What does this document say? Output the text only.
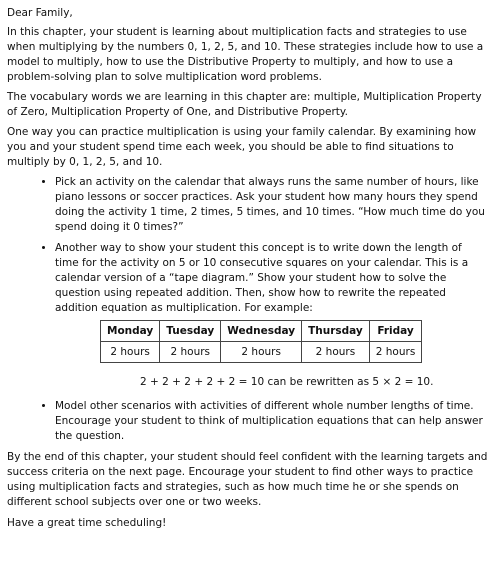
Dear Family,

In this chapter, your student is learning about multiplication facts and strategies to use when multiplying by the numbers 0, 1, 2, 5, and 10. These strategies include how to use a model to multiply, how to use the Distributive Property to multiply, and how to use a problem-solving plan to solve multiplication word problems.

The vocabulary words we are learning in this chapter are: multiple, Multiplication Property of Zero, Multiplication Property of One, and Distributive Property.

One way you can practice multiplication is using your family calendar. By examining how you and your student spend time each week, you should be able to find situations to multiply by 0, 1, 2, 5, and 10.

• Pick an activity on the calendar that always runs the same number of hours, like piano lessons or soccer practices. Ask your student how many hours they spend doing the activity 1 time, 2 times, 5 times, and 10 times. “How much time do you spend doing it 0 times?”
• Another way to show your student this concept is to write down the length of time for the activity on 5 or 10 consecutive squares on your calendar. This is a calendar version of a “tape diagram.” Show your student how to solve the question using repeated addition. Then, show how to rewrite the repeated addition equation as multiplication. For example:
Monday	Tuesday	Wednesday	Thursday	Friday
2 hours	2 hours	2 hours	2 hours	2 hours

2 + 2 + 2 + 2 + 2 = 10 can be rewritten as 5 × 2 = 10.

• Model other scenarios with activities of different whole number lengths of time. Encourage your student to think of multiplication equations that can help answer the question.

By the end of this chapter, your student should feel confident with the learning targets and success criteria on the next page. Encourage your student to find other ways to practice using multiplication facts and strategies, such as how much time he or she spends on different school subjects over one or two weeks.

Have a great time scheduling!
